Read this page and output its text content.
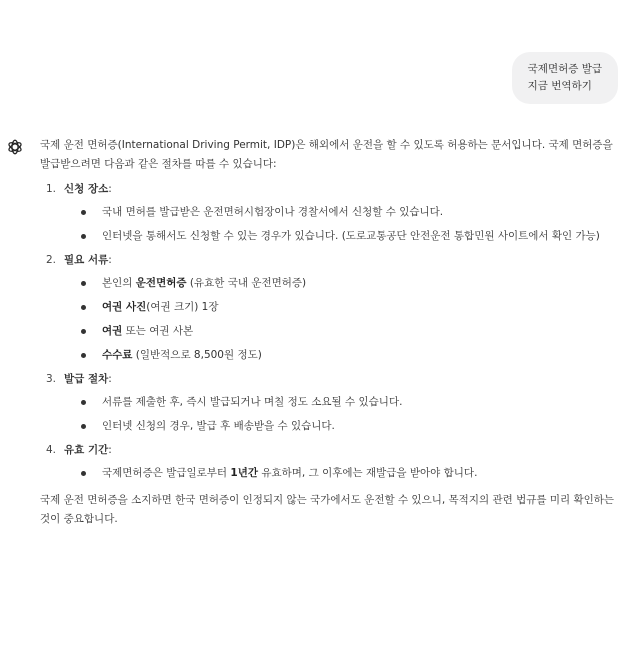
국제면허증 발급
지금 번역하기

국제 운전 면허증(International Driving Permit, IDP)은 해외에서 운전을 할 수 있도록 허용하는 문서입니다. 국제 면허증을 발급받으려면 다음과 같은 절차를 따를 수 있습니다:

1. 신청 장소:
국내 면허를 발급받은 운전면허시험장이나 경찰서에서 신청할 수 있습니다.
인터넷을 통해서도 신청할 수 있는 경우가 있습니다. (도로교통공단 안전운전 통합민원 사이트에서 확인 가능)
2. 필요 서류:
본인의 운전면허증 (유효한 국내 운전면허증)
여권 사진(여권 크기) 1장
여권 또는 여권 사본
수수료 (일반적으로 8,500원 정도)
3. 발급 절차:
서류를 제출한 후, 즉시 발급되거나 며칠 정도 소요될 수 있습니다.
인터넷 신청의 경우, 발급 후 배송받을 수 있습니다.
4. 유효 기간:
국제면허증은 발급일로부터 1년간 유효하며, 그 이후에는 재발급을 받아야 합니다.

국제 운전 면허증을 소지하면 한국 면허증이 인정되지 않는 국가에서도 운전할 수 있으니, 목적지의 관련 법규를 미리 확인하는 것이 중요합니다.
